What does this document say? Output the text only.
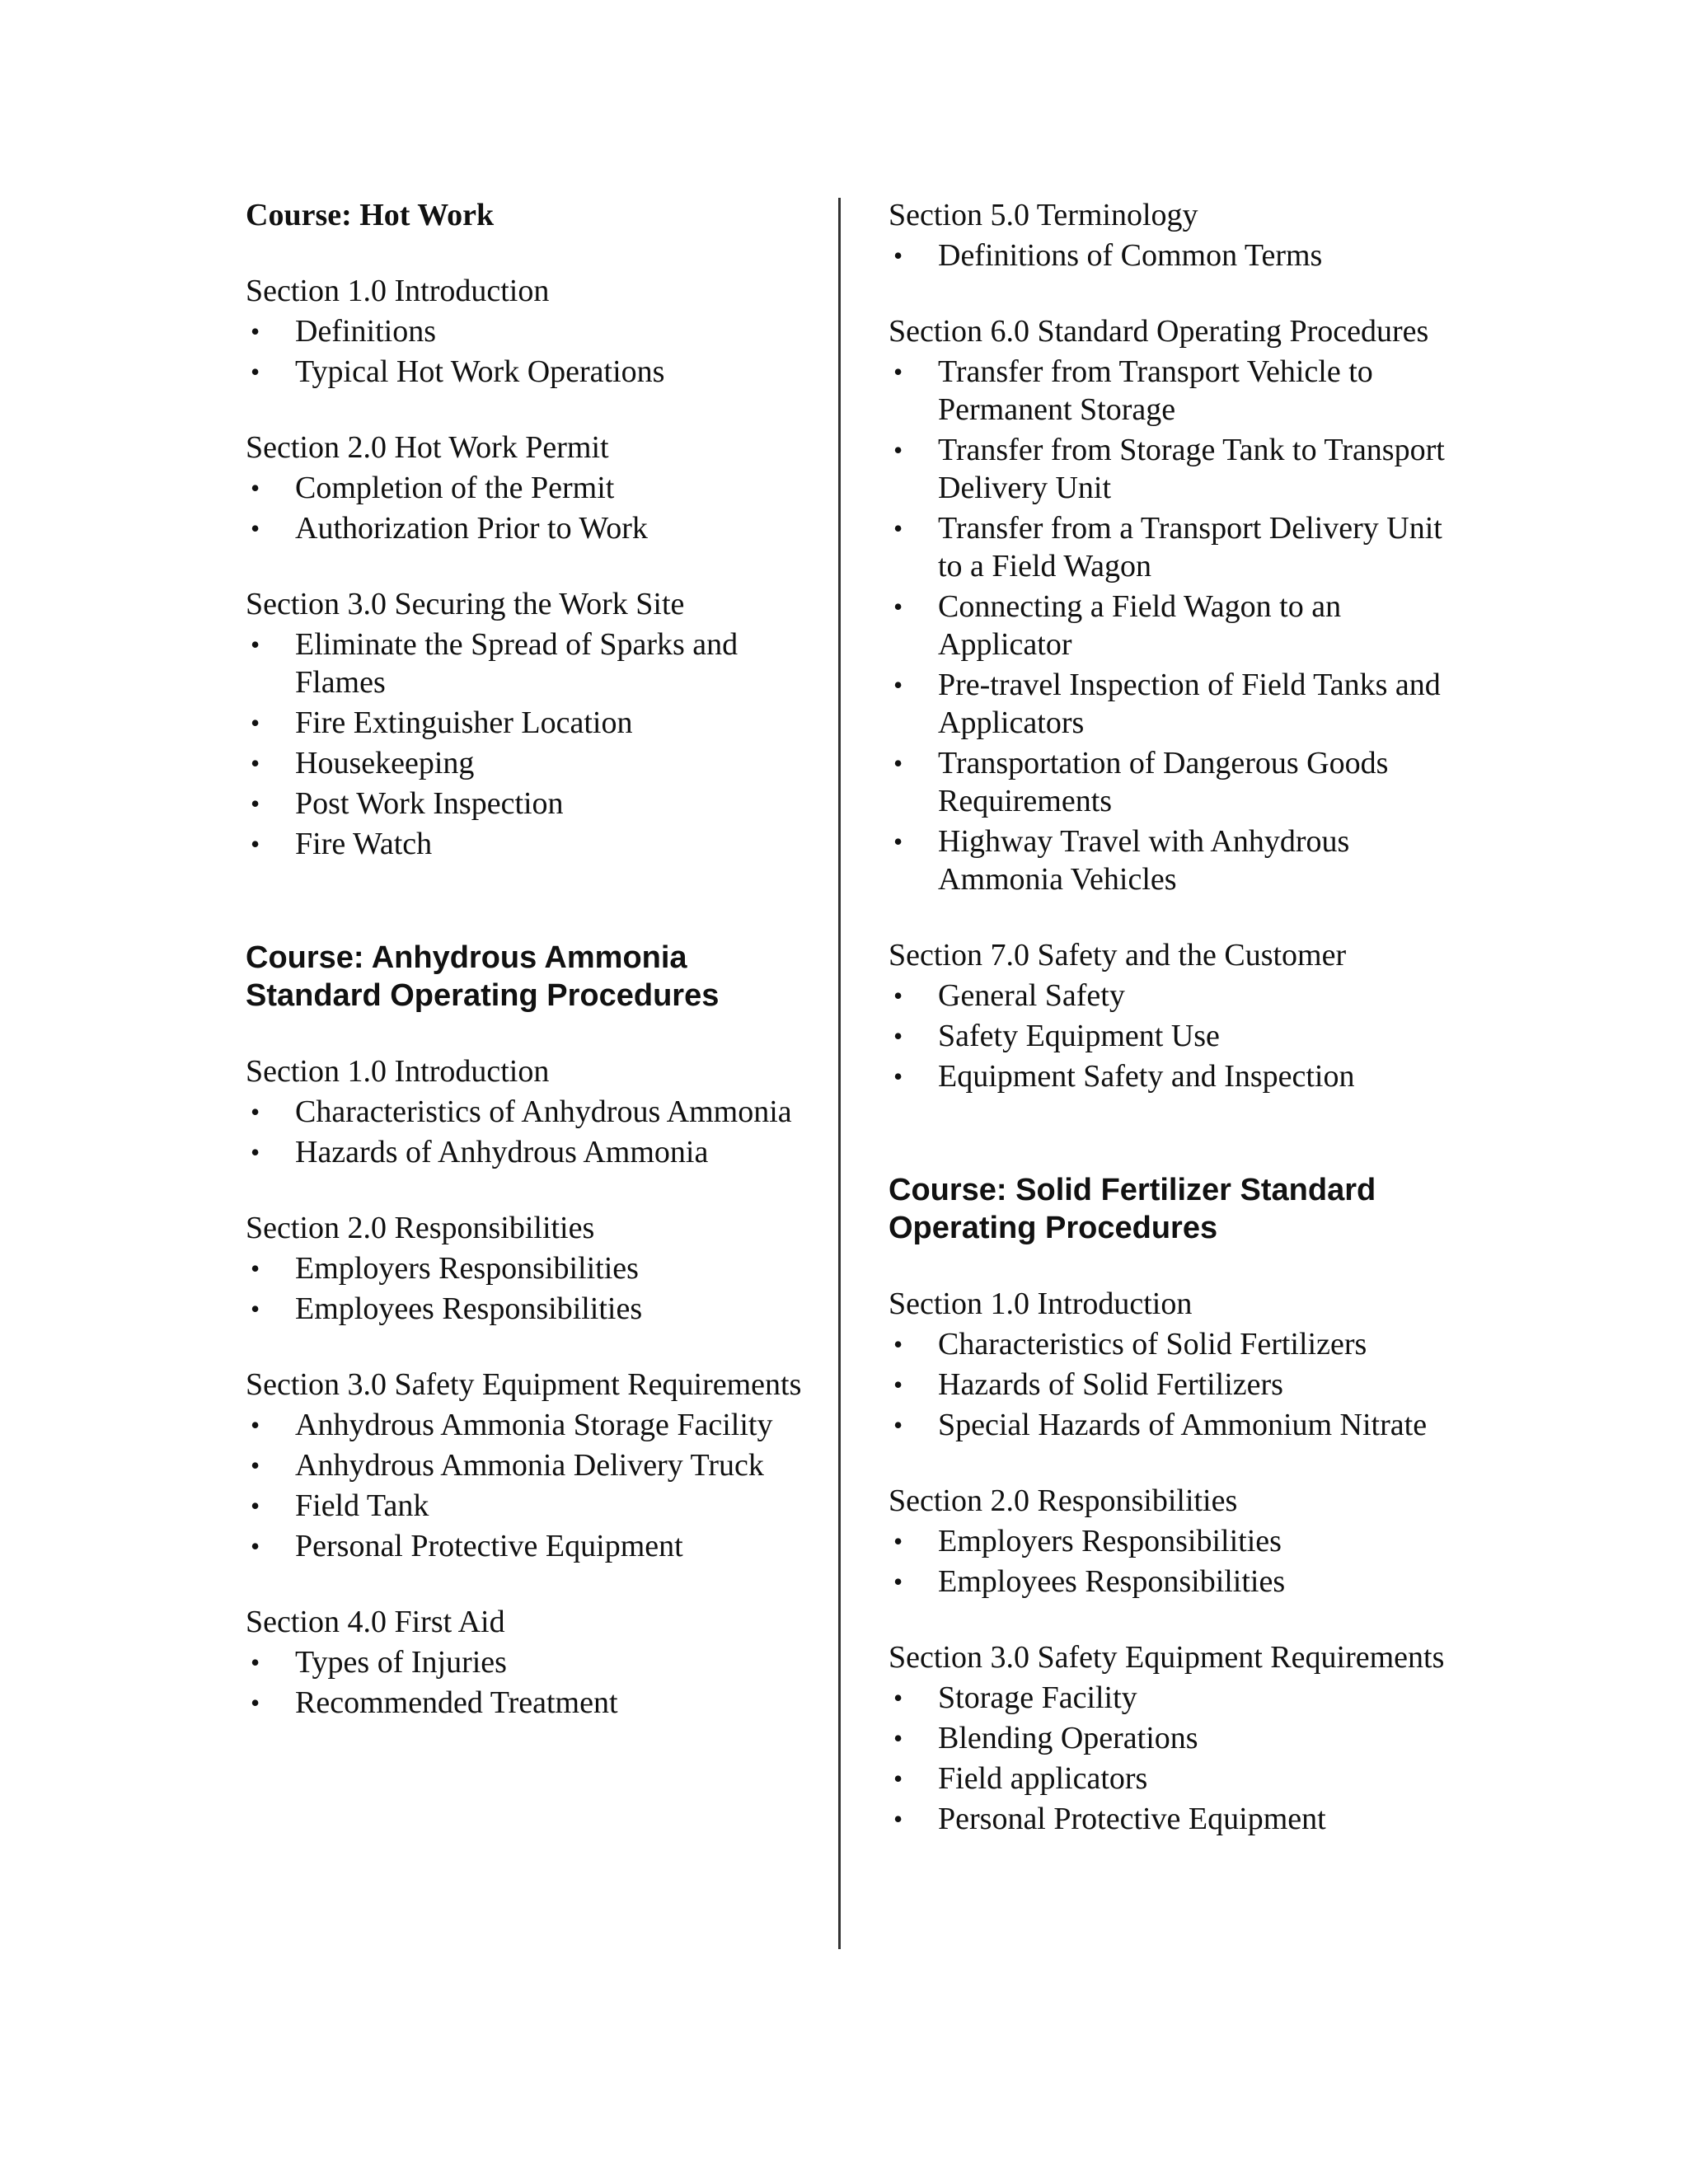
Course: Hot Work
Section 1.0 Introduction
• Definitions
• Typical Hot Work Operations
Section 2.0 Hot Work Permit
• Completion of the Permit
• Authorization Prior to Work
Section 3.0 Securing the Work Site
• Eliminate the Spread of Sparks and Flames
• Fire Extinguisher Location
• Housekeeping
• Post Work Inspection
• Fire Watch
Course: Anhydrous Ammonia Standard Operating Procedures
Section 1.0 Introduction
• Characteristics of Anhydrous Ammonia
• Hazards of Anhydrous Ammonia
Section 2.0 Responsibilities
• Employers Responsibilities
• Employees Responsibilities
Section 3.0 Safety Equipment Requirements
• Anhydrous Ammonia Storage Facility
• Anhydrous Ammonia Delivery Truck
• Field Tank
• Personal Protective Equipment
Section 4.0 First Aid
• Types of Injuries
• Recommended Treatment
Section 5.0 Terminology
• Definitions of Common Terms
Section 6.0 Standard Operating Procedures
• Transfer from Transport Vehicle to Permanent Storage
• Transfer from Storage Tank to Transport Delivery Unit
• Transfer from a Transport Delivery Unit to a Field Wagon
• Connecting a Field Wagon to an Applicator
• Pre-travel Inspection of Field Tanks and Applicators
• Transportation of Dangerous Goods Requirements
• Highway Travel with Anhydrous Ammonia Vehicles
Section 7.0 Safety and the Customer
• General Safety
• Safety Equipment Use
• Equipment Safety and Inspection
Course: Solid Fertilizer Standard Operating Procedures
Section 1.0 Introduction
• Characteristics of Solid Fertilizers
• Hazards of Solid Fertilizers
• Special Hazards of Ammonium Nitrate
Section 2.0 Responsibilities
• Employers Responsibilities
• Employees Responsibilities
Section 3.0 Safety Equipment Requirements
• Storage Facility
• Blending Operations
• Field applicators
• Personal Protective Equipment
